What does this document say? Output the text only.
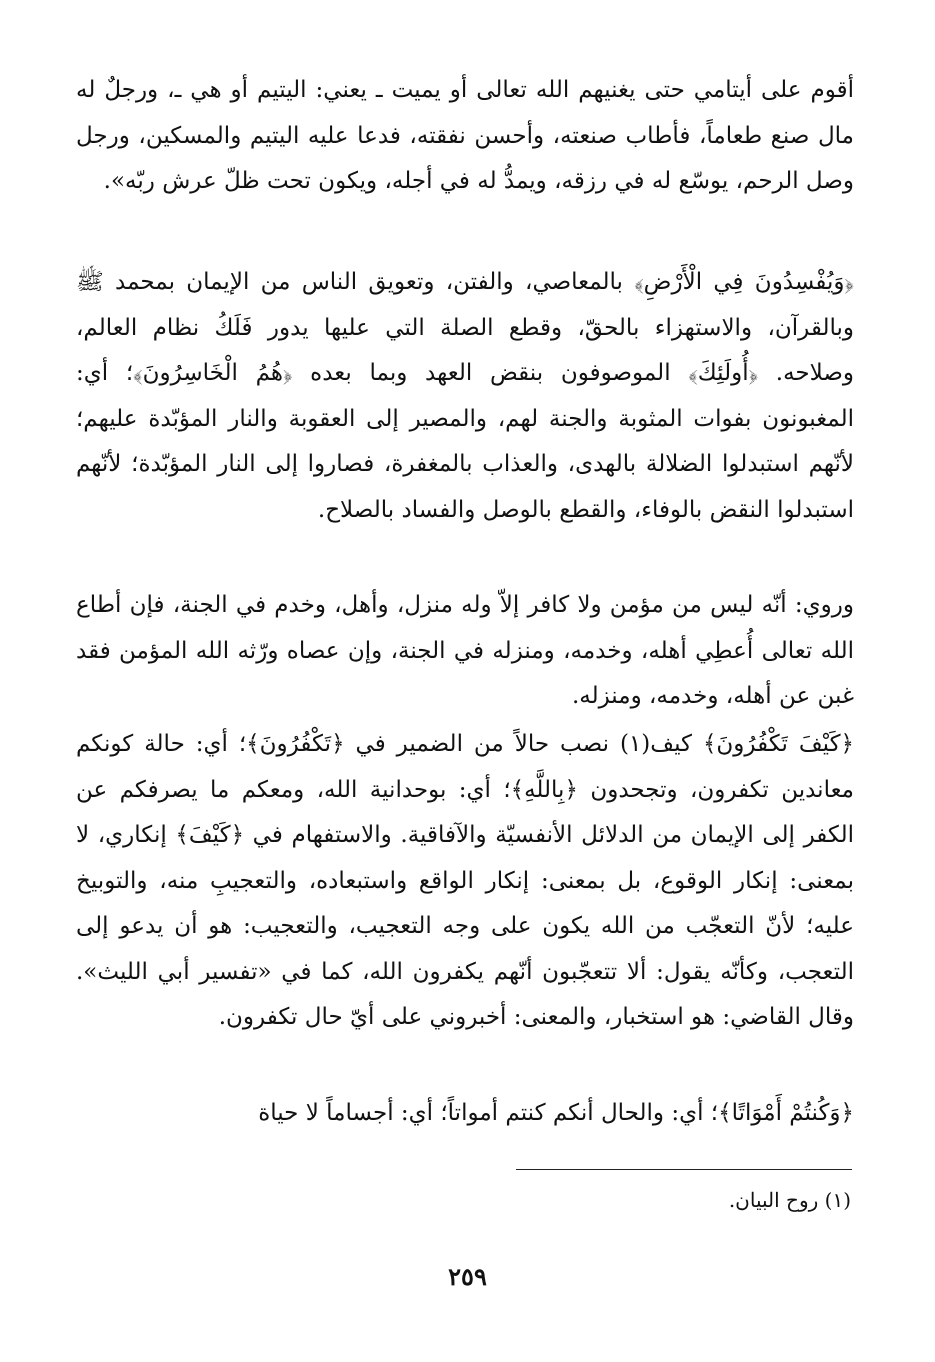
أقوم على أيتامي حتى يغنيهم الله تعالى أو يميت ـ يعني: اليتيم أو هي ـ، ورجلٌ له مال صنع طعاماً، فأطاب صنعته، وأحسن نفقته، فدعا عليه اليتيم والمسكين، ورجل وصل الرحم، يوسّع له في رزقه، ويمدُّ له في أجله، ويكون تحت ظلّ عرش ربّه».

﴿وَيُفْسِدُونَ فِي الْأَرْضِ﴾ بالمعاصي، والفتن، وتعويق الناس من الإيمان بمحمد ﷺ وبالقرآن، والاستهزاء بالحقّ، وقطع الصلة التي عليها يدور فَلَكُ نظام العالم، وصلاحه. ﴿أُولَئِكَ﴾ الموصوفون بنقض العهد وبما بعده ﴿هُمُ الْخَاسِرُونَ﴾؛ أي: المغبونون بفوات المثوبة والجنة لهم، والمصير إلى العقوبة والنار المؤبّدة عليهم؛ لأنّهم استبدلوا الضلالة بالهدى، والعذاب بالمغفرة، فصاروا إلى النار المؤبّدة؛ لأنّهم استبدلوا النقض بالوفاء، والقطع بالوصل والفساد بالصلاح.

وروي: أنّه ليس من مؤمن ولا كافر إلاّ وله منزل، وأهل، وخدم في الجنة، فإن أطاع الله تعالى أُعطِي أهله، وخدمه، ومنزله في الجنة، وإن عصاه ورّثه الله المؤمن فقد غبن عن أهله، وخدمه، ومنزله.

﴿كَيْفَ تَكْفُرُونَ﴾ كيف(١) نصب حالاً من الضمير في ﴿تَكْفُرُونَ﴾؛ أي: حالة كونكم معاندين تكفرون، وتجحدون ﴿بِاللَّهِ﴾؛ أي: بوحدانية الله، ومعكم ما يصرفكم عن الكفر إلى الإيمان من الدلائل الأنفسيّة والآفاقية. والاستفهام في ﴿كَيْفَ﴾ إنكاري، لا بمعنى: إنكار الوقوع، بل بمعنى: إنكار الواقع واستبعاده، والتعجيبِ منه، والتوبيخ عليه؛ لأنّ التعجّب من الله يكون على وجه التعجيب، والتعجيب: هو أن يدعو إلى التعجب، وكأنّه يقول: ألا تتعجّبون أنّهم يكفرون الله، كما في «تفسير أبي الليث». وقال القاضي: هو استخبار، والمعنى: أخبروني على أيّ حال تكفرون.

﴿وَكُنتُمْ أَمْوَاتًا﴾؛ أي: والحال أنكم كنتم أمواتاً؛ أي: أجساماً لا حياة

(١) روح البيان.
٢٥٩
